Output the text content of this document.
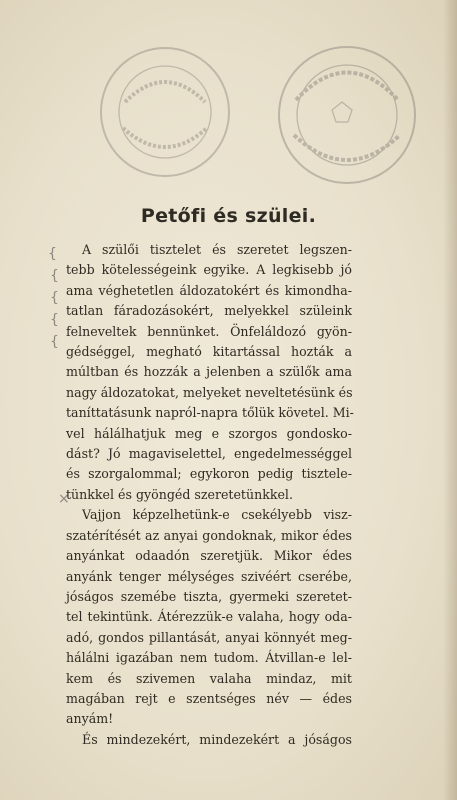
Petőfi és szülei.
{
{
{
{
{
×
A szülői tisztelet és szeretet legszen-
tebb kötelességeink egyike. A legkisebb jó
ama véghetetlen áldozatokért és kimondha-
tatlan fáradozásokért, melyekkel szüleink
felneveltek bennünket. Önfeláldozó gyön-
gédséggel, megható kitartással hozták a
múltban és hozzák a jelenben a szülők ama
nagy áldozatokat, melyeket neveltetésünk és
taníttatásunk napról-napra tőlük követel. Mi-
vel hálálhatjuk meg e szorgos gondosko-
dást? Jó magaviselettel, engedelmességgel
és szorgalommal; egykoron pedig tisztele-
tünkkel és gyöngéd szeretetünkkel.
Vajjon képzelhetünk-e csekélyebb visz-
szatérítését az anyai gondoknak, mikor édes
anyánkat odaadón szeretjük. Mikor édes
anyánk tenger mélységes szivéért cserébe,
jóságos szemébe tiszta, gyermeki szeretet-
tel tekintünk. Átérezzük-e valaha, hogy oda-
adó, gondos pillantását, anyai könnyét meg-
hálálni igazában nem tudom. Átvillan-e lel-
kem és szivemen valaha mindaz, mit
magában rejt e szentséges név — édes
anyám!
És mindezekért, mindezekért a jóságos
